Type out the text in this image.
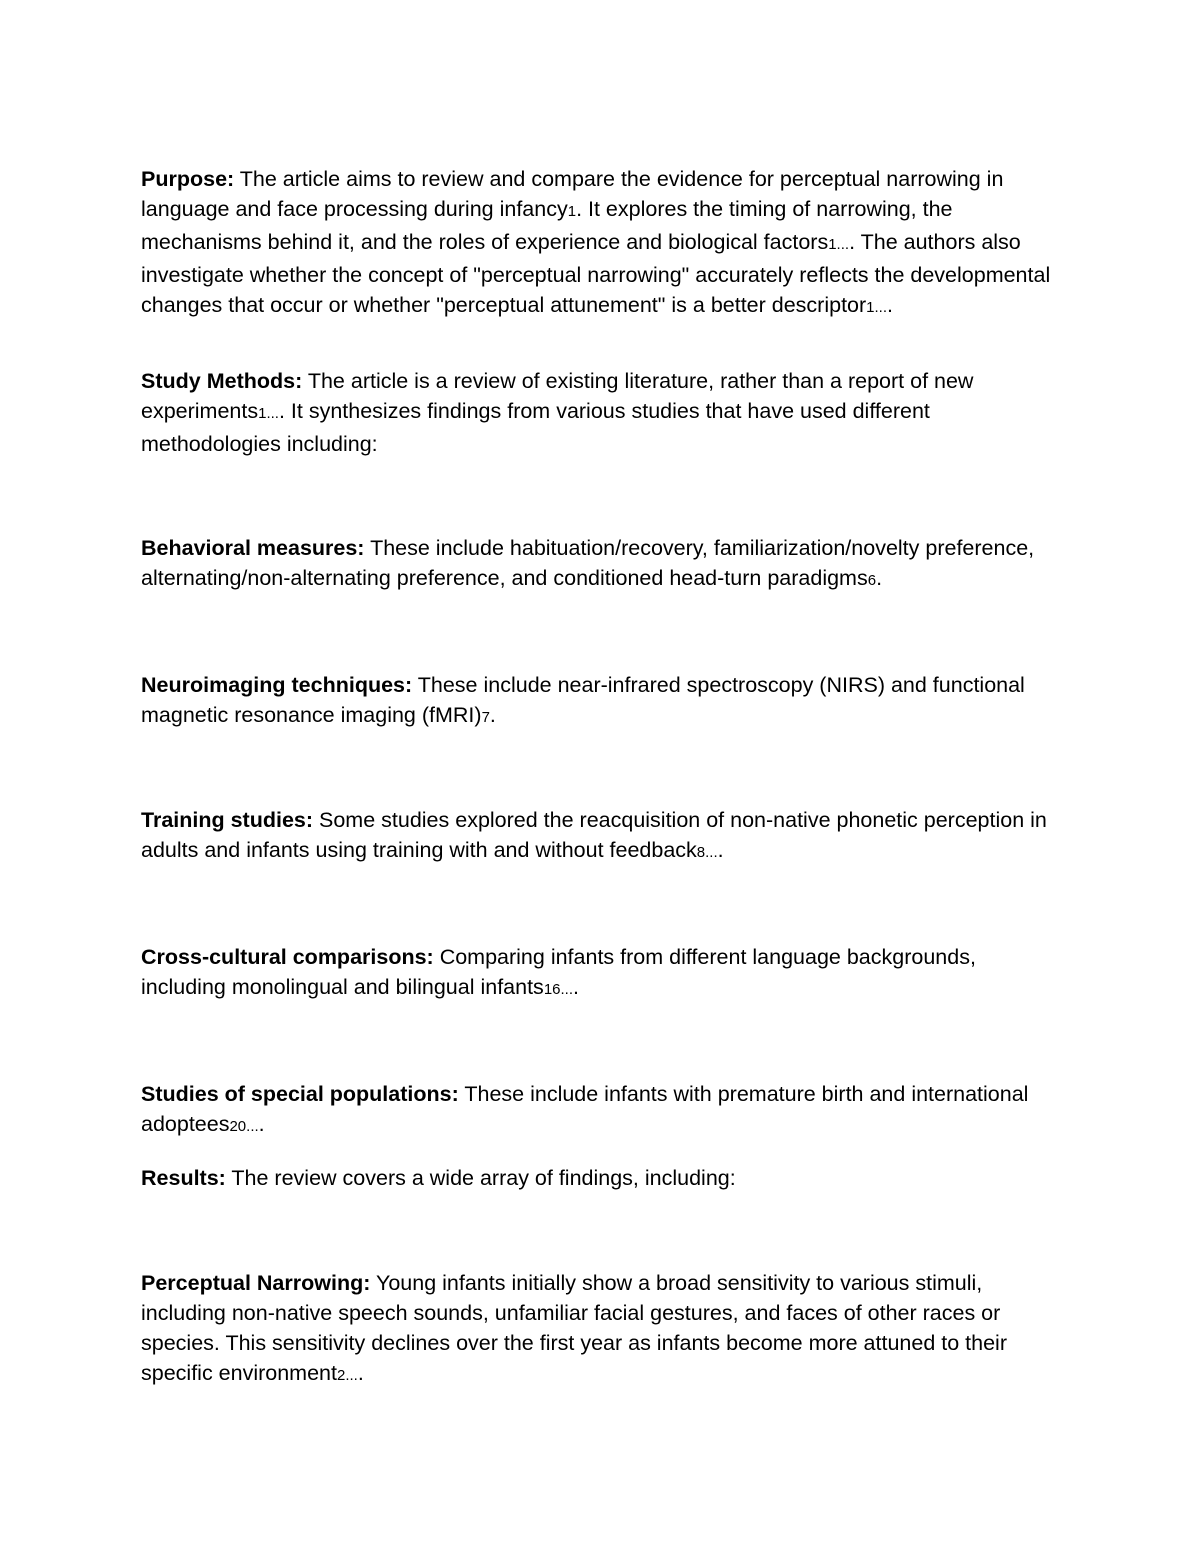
Purpose: The article aims to review and compare the evidence for perceptual narrowing in language and face processing during infancy1. It explores the timing of narrowing, the mechanisms behind it, and the roles of experience and biological factors1.... The authors also investigate whether the concept of "perceptual narrowing" accurately reflects the developmental changes that occur or whether "perceptual attunement" is a better descriptor1....

Study Methods: The article is a review of existing literature, rather than a report of new experiments1.... It synthesizes findings from various studies that have used different methodologies including:

Behavioral measures: These include habituation/recovery, familiarization/novelty preference, alternating/non-alternating preference, and conditioned head-turn paradigms6.

Neuroimaging techniques: These include near-infrared spectroscopy (NIRS) and functional magnetic resonance imaging (fMRI)7.

Training studies: Some studies explored the reacquisition of non-native phonetic perception in adults and infants using training with and without feedback8....

Cross-cultural comparisons: Comparing infants from different language backgrounds, including monolingual and bilingual infants16....

Studies of special populations: These include infants with premature birth and international adoptees20....

Results: The review covers a wide array of findings, including:

Perceptual Narrowing: Young infants initially show a broad sensitivity to various stimuli, including non-native speech sounds, unfamiliar facial gestures, and faces of other races or species. This sensitivity declines over the first year as infants become more attuned to their specific environment2....
